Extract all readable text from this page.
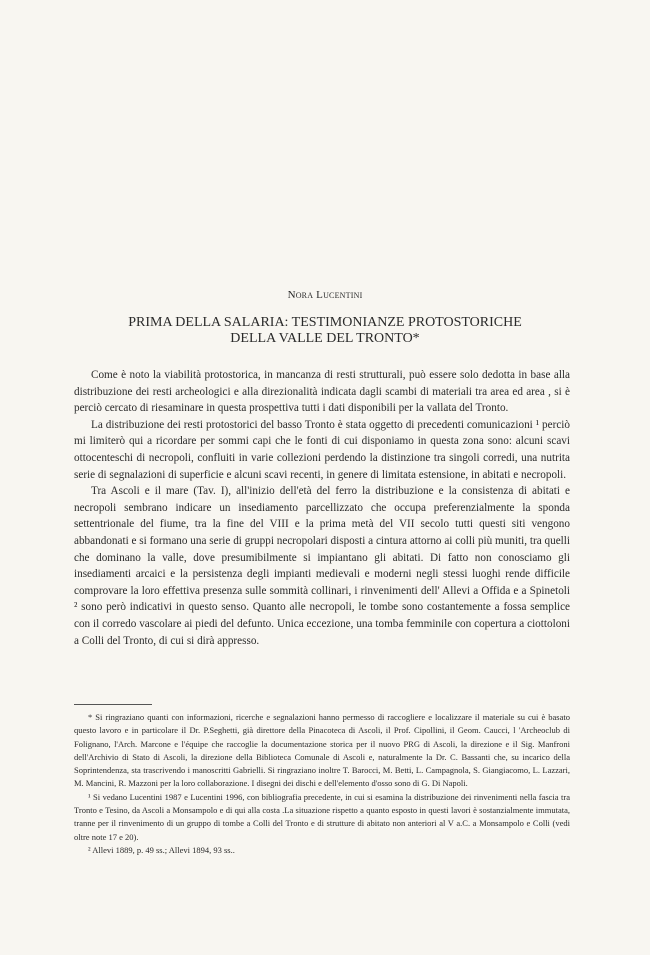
Nora Lucentini
PRIMA DELLA SALARIA: TESTIMONIANZE PROTOSTORICHE
DELLA VALLE DEL TRONTO*

Come è noto la viabilità protostorica, in mancanza di resti strutturali, può essere solo dedotta in base alla distribuzione dei resti archeologici e alla direzionalità indicata dagli scambi di materiali tra area ed area , si è perciò cercato di riesaminare in questa prospettiva tutti i dati disponibili per la vallata del Tronto.

La distribuzione dei resti protostorici del basso Tronto è stata oggetto di precedenti comunicazioni ¹ perciò mi limiterò qui a ricordare per sommi capi che le fonti di cui disponiamo in questa zona sono: alcuni scavi ottocenteschi di necropoli, confluiti in varie collezioni perdendo la distinzione tra singoli corredi, una nutrita serie di segnalazioni di superficie e alcuni scavi recenti, in genere di limitata estensione, in abitati e necropoli.

Tra Ascoli e il mare (Tav. I), all'inizio dell'età del ferro la distribuzione e la consistenza di abitati e necropoli sembrano indicare un insediamento parcellizzato che occupa preferenzialmente la sponda settentrionale del fiume, tra la fine del VIII e la prima metà del VII secolo tutti questi siti vengono abbandonati e si formano una serie di gruppi necropolari disposti a cintura attorno ai colli più muniti, tra quelli che dominano la valle, dove presumibilmente si impiantano gli abitati. Di fatto non conosciamo gli insediamenti arcaici e la persistenza degli impianti medievali e moderni negli stessi luoghi rende difficile comprovare la loro effettiva presenza sulle sommità collinari, i rinvenimenti dell' Allevi a Offida e a Spinetoli ² sono però indicativi in questo senso. Quanto alle necropoli, le tombe sono costantemente a fossa semplice con il corredo vascolare ai piedi del defunto. Unica eccezione, una tomba femminile con copertura a ciottoloni a Colli del Tronto, di cui si dirà appresso.

* Si ringraziano quanti con informazioni, ricerche e segnalazioni hanno permesso di raccogliere e localizzare il materiale su cui è basato questo lavoro e in particolare il Dr. P.Seghetti, già direttore della Pinacoteca di Ascoli, il Prof. Cipollini, il Geom. Caucci, l 'Archeoclub di Folignano, l'Arch. Marcone e l'équipe che raccoglie la documentazione storica per il nuovo PRG di Ascoli, la direzione e il Sig. Manfroni dell'Archivio di Stato di Ascoli, la direzione della Biblioteca Comunale di Ascoli e, naturalmente la Dr. C. Bassanti che, su incarico della Soprintendenza, sta trascrivendo i manoscritti Gabrielli. Si ringraziano inoltre T. Barocci, M. Betti, L. Campagnola, S. Giangiacomo, L. Lazzari, M. Mancini, R. Mazzoni per la loro collaborazione. I disegni dei dischi e dell'elemento d'osso sono di G. Di Napoli.

¹ Si vedano Lucentini 1987 e Lucentini 1996, con bibliografia precedente, in cui si esamina la distribuzione dei rinvenimenti nella fascia tra Tronto e Tesino, da Ascoli a Monsampolo e di qui alla costa .La situazione rispetto a quanto esposto in questi lavori è sostanzialmente immutata, tranne per il rinvenimento di un gruppo di tombe a Colli del Tronto e di strutture di abitato non anteriori al V a.C. a Monsampolo e Colli (vedi oltre note 17 e 20).

² Allevi 1889, p. 49 ss.; Allevi 1894, 93 ss..
